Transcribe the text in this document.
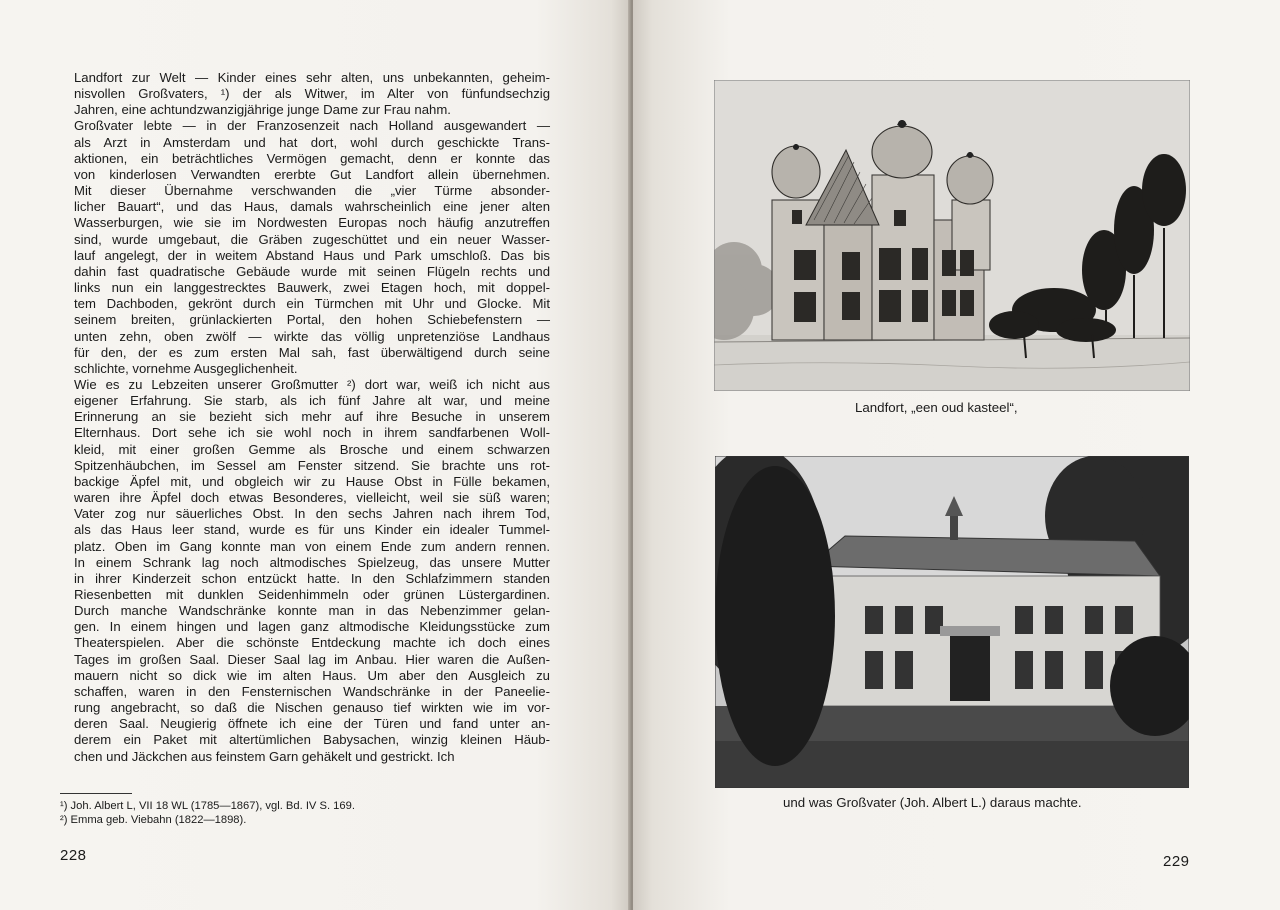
Landfort zur Welt — Kinder eines sehr alten, uns unbekannten, geheim-
nisvollen Großvaters, ¹) der als Witwer, im Alter von fünfundsechzig
Jahren, eine achtundzwanzigjährige junge Dame zur Frau nahm.

Großvater lebte — in der Franzosenzeit nach Holland ausgewandert —
als Arzt in Amsterdam und hat dort, wohl durch geschickte Trans-
aktionen, ein beträchtliches Vermögen gemacht, denn er konnte das
von kinderlosen Verwandten ererbte Gut Landfort allein übernehmen.
Mit dieser Übernahme verschwanden die „vier Türme absonder-
licher Bauart“, und das Haus, damals wahrscheinlich eine jener alten
Wasserburgen, wie sie im Nordwesten Europas noch häufig anzutreffen
sind, wurde umgebaut, die Gräben zugeschüttet und ein neuer Wasser-
lauf angelegt, der in weitem Abstand Haus und Park umschloß. Das bis
dahin fast quadratische Gebäude wurde mit seinen Flügeln rechts und
links nun ein langgestrecktes Bauwerk, zwei Etagen hoch, mit doppel-
tem Dachboden, gekrönt durch ein Türmchen mit Uhr und Glocke. Mit
seinem breiten, grünlackierten Portal, den hohen Schiebefenstern —
unten zehn, oben zwölf — wirkte das völlig unpretenziöse Landhaus
für den, der es zum ersten Mal sah, fast überwältigend durch seine
schlichte, vornehme Ausgeglichenheit.

Wie es zu Lebzeiten unserer Großmutter ²) dort war, weiß ich nicht aus
eigener Erfahrung. Sie starb, als ich fünf Jahre alt war, und meine
Erinnerung an sie bezieht sich mehr auf ihre Besuche in unserem
Elternhaus. Dort sehe ich sie wohl noch in ihrem sandfarbenen Woll-
kleid, mit einer großen Gemme als Brosche und einem schwarzen
Spitzenhäubchen, im Sessel am Fenster sitzend. Sie brachte uns rot-
backige Äpfel mit, und obgleich wir zu Hause Obst in Fülle bekamen,
waren ihre Äpfel doch etwas Besonderes, vielleicht, weil sie süß waren;
Vater zog nur säuerliches Obst. In den sechs Jahren nach ihrem Tod,
als das Haus leer stand, wurde es für uns Kinder ein idealer Tummel-
platz. Oben im Gang konnte man von einem Ende zum andern rennen.
In einem Schrank lag noch altmodisches Spielzeug, das unsere Mutter
in ihrer Kinderzeit schon entzückt hatte. In den Schlafzimmern standen
Riesenbetten mit dunklen Seidenhimmeln oder grünen Lüstergardinen.
Durch manche Wandschränke konnte man in das Nebenzimmer gelan-
gen. In einem hingen und lagen ganz altmodische Kleidungsstücke zum
Theaterspielen. Aber die schönste Entdeckung machte ich doch eines
Tages im großen Saal. Dieser Saal lag im Anbau. Hier waren die Außen-
mauern nicht so dick wie im alten Haus. Um aber den Ausgleich zu
schaffen, waren in den Fensternischen Wandschränke in der Paneelie-
rung angebracht, so daß die Nischen genauso tief wirkten wie im vor-
deren Saal. Neugierig öffnete ich eine der Türen und fand unter an-
derem ein Paket mit altertümlichen Babysachen, winzig kleinen Häub-
chen und Jäckchen aus feinstem Garn gehäkelt und gestrickt. Ich

¹) Joh. Albert L, VII 18 WL (1785—1867), vgl. Bd. IV S. 169.
²) Emma geb. Viebahn (1822—1898).
228
Landfort, „een oud kasteel“,
und was Großvater (Joh. Albert L.) daraus machte.
229
